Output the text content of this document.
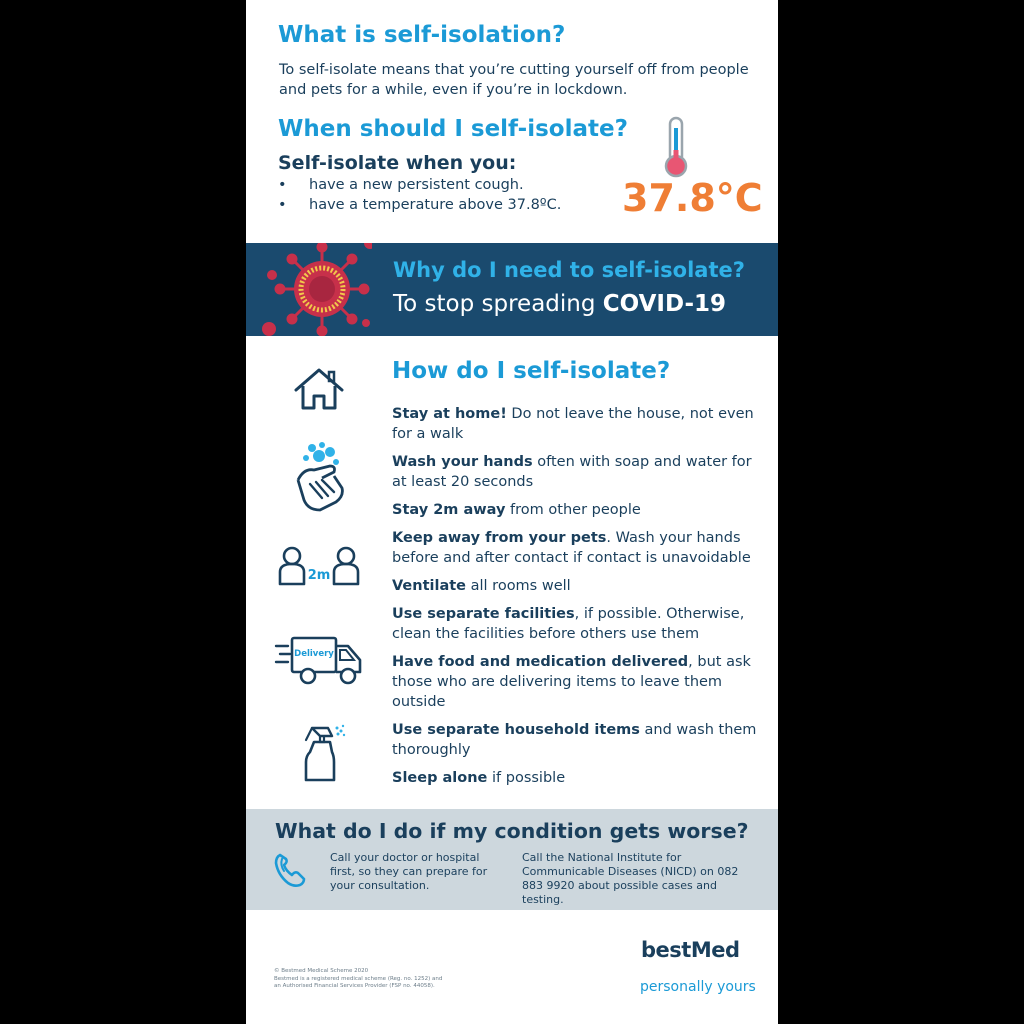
What is self-isolation?
To self-isolate means that you’re cutting yourself off from people and pets for a while, even if you’re in lockdown.
When should I self-isolate?
Self-isolate when you:
• have a new persistent cough.
• have a temperature above 37.8ºC.	37.8°C
Why do I need to self-isolate?
To stop spreading COVID-19
How do I self-isolate?
2m
Delivery
Stay at home! Do not leave the house, not even for a walk
Wash your hands often with soap and water for at least 20 seconds
Stay 2m away from other people
Keep away from your pets. Wash your hands before and after contact if contact is unavoidable
Ventilate all rooms well
Use separate facilities, if possible. Otherwise, clean the facilities before others use them
Have food and medication delivered, but ask those who are delivering items to leave them outside
Use separate household items and wash them thoroughly
Sleep alone if possible
What do I do if my condition gets worse?
Call your doctor or hospital first, so they can prepare for your consultation.
Call the National Institute for Communicable Diseases (NICD) on 082 883 9920 about possible cases and testing.
© Bestmed Medical Scheme 2020
Bestmed is a registered medical scheme (Reg. no. 1252) and
an Authorised Financial Services Provider (FSP no. 44058).
bestMed
personally yours
